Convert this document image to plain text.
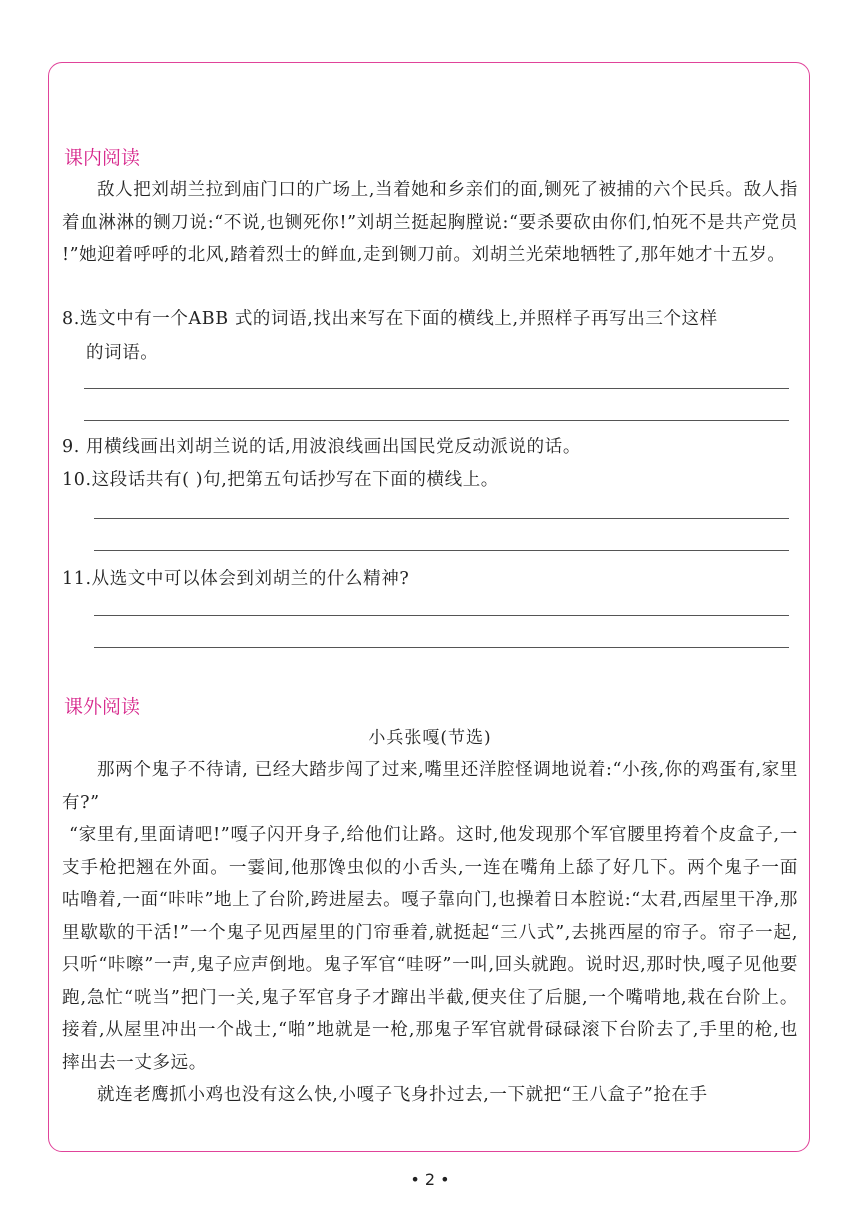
课内阅读

敌人把刘胡兰拉到庙门口的广场上,当着她和乡亲们的面,铡死了被捕的六个民兵。敌人指着血淋淋的铡刀说:“不说,也铡死你!”刘胡兰挺起胸膛说:“要杀要砍由你们,怕死不是共产党员 !”她迎着呼呼的北风,踏着烈士的鲜血,走到铡刀前。刘胡兰光荣地牺牲了,那年她才十五岁。

8.选文中有一个ABB 式的词语,找出来写在下面的横线上,并照样子再写出三个这样
的词语。
9. 用横线画出刘胡兰说的话,用波浪线画出国民党反动派说的话。
10.这段话共有( )句,把第五句话抄写在下面的横线上。
11.从选文中可以体会到刘胡兰的什么精神?
课外阅读
小兵张嘎(节选)

那两个鬼子不待请, 已经大踏步闯了过来,嘴里还洋腔怪调地说着:“小孩,你的鸡蛋有,家里有?”

“家里有,里面请吧!”嘎子闪开身子,给他们让路。这时,他发现那个军官腰里挎着个皮盒子,一支手枪把翘在外面。一霎间,他那馋虫似的小舌头,一连在嘴角上舔了好几下。两个鬼子一面咕噜着,一面“咔咔”地上了台阶,跨进屋去。嘎子靠向门,也操着日本腔说:“太君,西屋里干净,那里歇歇的干活!”一个鬼子见西屋里的门帘垂着,就挺起“三八式”,去挑西屋的帘子。帘子一起,只听“咔嚓”一声,鬼子应声倒地。鬼子军官“哇呀”一叫,回头就跑。说时迟,那时快,嘎子见他要跑,急忙“咣当”把门一关,鬼子军官身子才蹿出半截,便夹住了后腿,一个嘴啃地,栽在台阶上。接着,从屋里冲出一个战士,“啪”地就是一枪,那鬼子军官就骨碌碌滚下台阶去了,手里的枪,也摔出去一丈多远。

就连老鹰抓小鸡也没有这么快,小嘎子飞身扑过去,一下就把“王八盒子”抢在手

• 2 •
